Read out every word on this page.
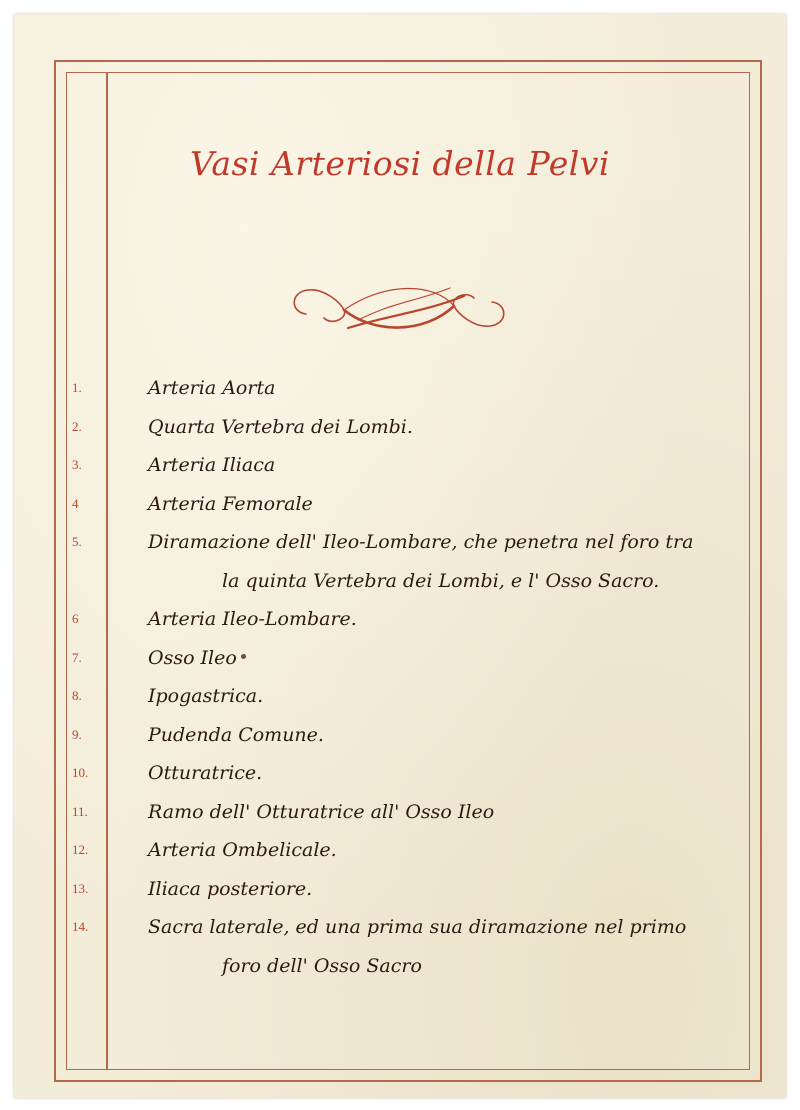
Vasi Arteriosi della Pelvi
1.	Arteria Aorta
2.	Quarta Vertebra dei Lombi.
3.	Arteria Iliaca
4	Arteria Femorale
5.	Diramazione dell' Ileo-Lombare, che penetra nel foro tra
la quinta Vertebra dei Lombi, e l' Osso Sacro.
6	Arteria Ileo-Lombare.
7.	Osso Ileo
8.	Ipogastrica.
9.	Pudenda Comune.
10.	Otturatrice.
11.	Ramo dell' Otturatrice all' Osso Ileo
12.	Arteria Ombelicale.
13.	Iliaca posteriore.
14.	Sacra laterale, ed una prima sua diramazione nel primo
foro dell' Osso Sacro
